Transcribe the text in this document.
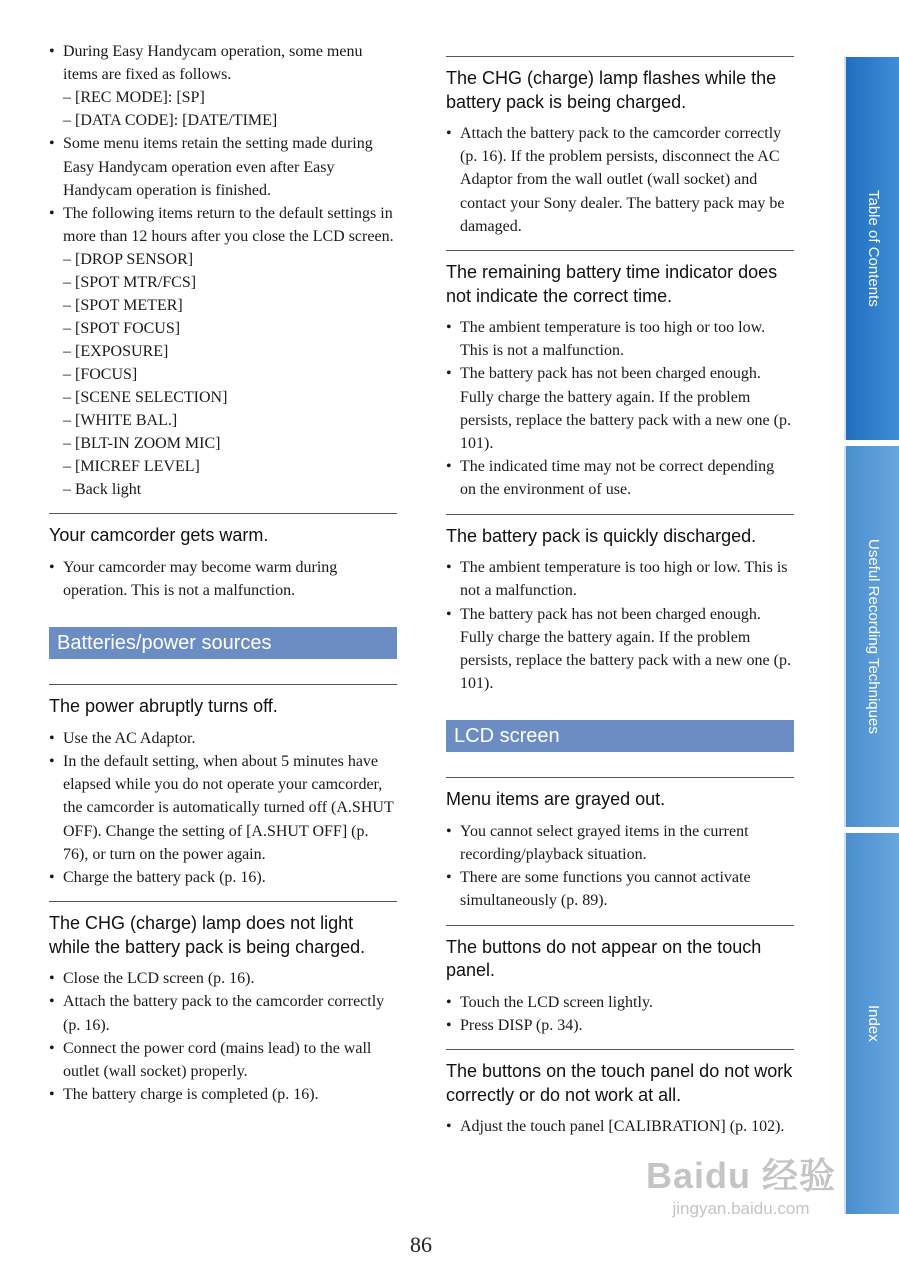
• During Easy Handycam operation, some menu items are fixed as follows.
– [REC MODE]: [SP]
– [DATA CODE]: [DATE/TIME]
• Some menu items retain the setting made during Easy Handycam operation even after Easy Handycam operation is finished.
• The following items return to the default settings in more than 12 hours after you close the LCD screen.
– [DROP SENSOR]
– [SPOT MTR/FCS]
– [SPOT METER]
– [SPOT FOCUS]
– [EXPOSURE]
– [FOCUS]
– [SCENE SELECTION]
– [WHITE BAL.]
– [BLT-IN ZOOM MIC]
– [MICREF LEVEL]
– Back light
Your camcorder gets warm.
• Your camcorder may become warm during operation. This is not a malfunction.
Batteries/power sources
The power abruptly turns off.
• Use the AC Adaptor.
• In the default setting, when about 5 minutes have elapsed while you do not operate your camcorder, the camcorder is automatically turned off (A.SHUT OFF). Change the setting of [A.SHUT OFF] (p. 76), or turn on the power again.
• Charge the battery pack (p. 16).
The CHG (charge) lamp does not light while the battery pack is being charged.
• Close the LCD screen (p. 16).
• Attach the battery pack to the camcorder correctly (p. 16).
• Connect the power cord (mains lead) to the wall outlet (wall socket) properly.
• The battery charge is completed (p. 16).
The CHG (charge) lamp flashes while the battery pack is being charged.
• Attach the battery pack to the camcorder correctly (p. 16). If the problem persists, disconnect the AC Adaptor from the wall outlet (wall socket) and contact your Sony dealer. The battery pack may be damaged.
The remaining battery time indicator does not indicate the correct time.
• The ambient temperature is too high or too low. This is not a malfunction.
• The battery pack has not been charged enough. Fully charge the battery again. If the problem persists, replace the battery pack with a new one (p. 101).
• The indicated time may not be correct depending on the environment of use.
The battery pack is quickly discharged.
• The ambient temperature is too high or low. This is not a malfunction.
• The battery pack has not been charged enough. Fully charge the battery again. If the problem persists, replace the battery pack with a new one (p. 101).
LCD screen
Menu items are grayed out.
• You cannot select grayed items in the current recording/playback situation.
• There are some functions you cannot activate simultaneously (p. 89).
The buttons do not appear on the touch panel.
• Touch the LCD screen lightly.
• Press DISP (p. 34).
The buttons on the touch panel do not work correctly or do not work at all.
• Adjust the touch panel [CALIBRATION] (p. 102).
Table of Contents
Useful Recording Techniques
Index
Baidu 经验
jingyan.baidu.com
86
